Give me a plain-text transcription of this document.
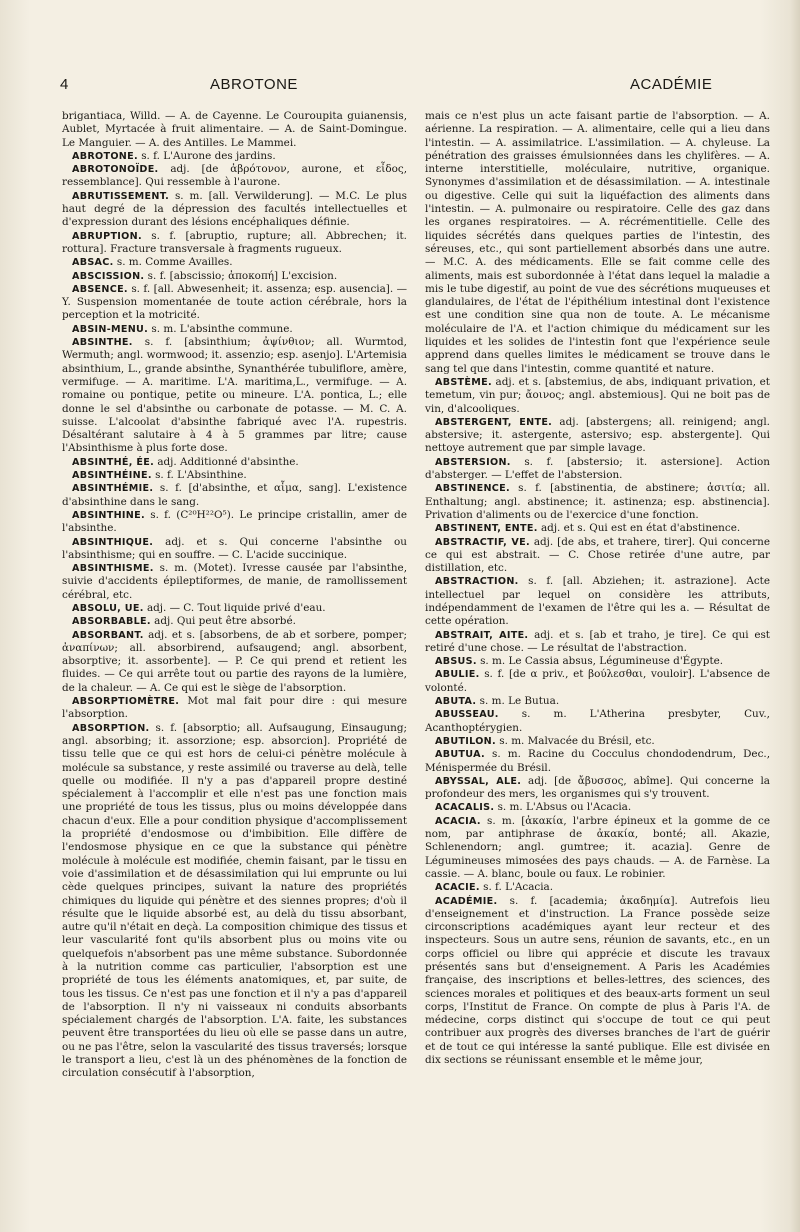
4	ABROTONE	ACADÉMIE

brigantiaca, Willd. — A. de Cayenne. Le Couroupita guianensis, Aublet, Myrtacée à fruit alimentaire. — A. de Saint-Domingue. Le Manguier. — A. des Antilles. Le Mammei.

ABROTONE. s. f. L'Aurone des jardins.

ABROTONOÏDE. adj. [de ἀβρότονον, aurone, et εἶδος, ressemblance]. Qui ressemble à l'aurone.

ABRUTISSEMENT. s. m. [all. Verwilderung]. — M.C. Le plus haut degré de la dépression des facultés intellectuelles et d'expression durant des lésions encéphaliques définie.

ABRUPTION. s. f. [abruptio, rupture; all. Abbrechen; it. rottura]. Fracture transversale à fragments rugueux.

ABSAC. s. m. Comme Availles.

ABSCISSION. s. f. [abscissio; ἀποκοπή] L'excision.

ABSENCE. s. f. [all. Abwesenheit; it. assenza; esp. ausencia]. — Y. Suspension momentanée de toute action cérébrale, hors la perception et la motricité.

ABSIN-MENU. s. m. L'absinthe commune.

ABSINTHE. s. f. [absinthium; ἀψίνθιον; all. Wurmtod, Wermuth; angl. wormwood; it. assenzio; esp. asenjo]. L'Artemisia absinthium, L., grande absinthe, Synanthérée tubuliflore, amère, vermifuge. — A. maritime. L'A. maritima,L., vermifuge. — A. romaine ou pontique, petite ou mineure. L'A. pontica, L.; elle donne le sel d'absinthe ou carbonate de potasse. — M. C. A. suisse. L'alcoolat d'absinthe fabriqué avec l'A. rupestris. Désaltérant salutaire à 4 à 5 grammes par litre; cause l'Absinthisme à plus forte dose.

ABSINTHÉ, ÉE. adj. Additionné d'absinthe.

ABSINTHÉINE. s. f. L'Absinthine.

ABSINTHÉMIE. s. f. [d'absinthe, et αἷμα, sang]. L'existence d'absinthine dans le sang.

ABSINTHINE. s. f. (C²⁰H²²O⁵). Le principe cristallin, amer de l'absinthe.

ABSINTHIQUE. adj. et s. Qui concerne l'absinthe ou l'absinthisme; qui en souffre. — C. L'acide succinique.

ABSINTHISME. s. m. (Motet). Ivresse causée par l'absinthe, suivie d'accidents épileptiformes, de manie, de ramollissement cérébral, etc.

ABSOLU, UE. adj. — C. Tout liquide privé d'eau.

ABSORBABLE. adj. Qui peut être absorbé.

ABSORBANT. adj. et s. [absorbens, de ab et sorbere, pomper; ἀναπίνων; all. absorbirend, aufsaugend; angl. absorbent, absorptive; it. assorbente]. — P. Ce qui prend et retient les fluides. — Ce qui arrête tout ou partie des rayons de la lumière, de la chaleur. — A. Ce qui est le siège de l'absorption.

ABSORPTIOMÈTRE. Mot mal fait pour dire : qui mesure l'absorption.

ABSORPTION. s. f. [absorptio; all. Aufsaugung, Einsaugung; angl. absorbing; it. assorzione; esp. absorcion]. Propriété de tissu telle que ce qui est hors de celui-ci pénètre molécule à molécule sa substance, y reste assimilé ou traverse au delà, telle quelle ou modifiée. Il n'y a pas d'appareil propre destiné spécialement à l'accomplir et elle n'est pas une fonction mais une propriété de tous les tissus, plus ou moins développée dans chacun d'eux. Elle a pour condition physique d'accomplissement la propriété d'endosmose ou d'imbibition. Elle diffère de l'endosmose physique en ce que la substance qui pénètre molécule à molécule est modifiée, chemin faisant, par le tissu en voie d'assimilation et de désassimilation qui lui emprunte ou lui cède quelques principes, suivant la nature des propriétés chimiques du liquide qui pénètre et des siennes propres; d'où il résulte que le liquide absorbé est, au delà du tissu absorbant, autre qu'il n'était en deçà. La composition chimique des tissus et leur vascularité font qu'ils absorbent plus ou moins vite ou quelquefois n'absorbent pas une même substance. Subordonnée à la nutrition comme cas particulier, l'absorption est une propriété de tous les éléments anatomiques, et, par suite, de tous les tissus. Ce n'est pas une fonction et il n'y a pas d'appareil de l'absorption. Il n'y ni vaisseaux ni conduits absorbants spécialement chargés de l'absorption. L'A. faite, les substances peuvent être transportées du lieu où elle se passe dans un autre, ou ne pas l'être, selon la vascularité des tissus traversés; lorsque le transport a lieu, c'est là un des phénomènes de la fonction de circulation consécutif à l'absorption,

mais ce n'est plus un acte faisant partie de l'absorption. — A. aérienne. La respiration. — A. alimentaire, celle qui a lieu dans l'intestin. — A. assimilatrice. L'assimilation. — A. chyleuse. La pénétration des graisses émulsionnées dans les chylifères. — A. interne interstitielle, moléculaire, nutritive, organique. Synonymes d'assimilation et de désassimilation. — A. intestinale ou digestive. Celle qui suit la liquéfaction des aliments dans l'intestin. — A. pulmonaire ou respiratoire. Celle des gaz dans les organes respiratoires. — A. récrémentitielle. Celle des liquides sécrétés dans quelques parties de l'intestin, des séreuses, etc., qui sont partiellement absorbés dans une autre. — M.C. A. des médicaments. Elle se fait comme celle des aliments, mais est subordonnée à l'état dans lequel la maladie a mis le tube digestif, au point de vue des sécrétions muqueuses et glandulaires, de l'état de l'épithélium intestinal dont l'existence est une condition sine qua non de toute. A. Le mécanisme moléculaire de l'A. et l'action chimique du médicament sur les liquides et les solides de l'intestin font que l'expérience seule apprend dans quelles limites le médicament se trouve dans le sang tel que dans l'intestin, comme quantité et nature.

ABSTÈME. adj. et s. [abstemius, de abs, indiquant privation, et temetum, vin pur; ἄοινος; angl. abstemious]. Qui ne boit pas de vin, d'alcooliques.

ABSTERGENT, ENTE. adj. [abstergens; all. reinigend; angl. abstersive; it. astergente, astersivo; esp. abstergente]. Qui nettoye autrement que par simple lavage.

ABSTERSION. s. f. [abstersio; it. astersione]. Action d'absterger. — L'effet de l'abstersion.

ABSTINENCE. s. f. [abstinentia, de abstinere; ἀσιτία; all. Enthaltung; angl. abstinence; it. astinenza; esp. abstinencia]. Privation d'aliments ou de l'exercice d'une fonction.

ABSTINENT, ENTE. adj. et s. Qui est en état d'abstinence.

ABSTRACTIF, VE. adj. [de abs, et trahere, tirer]. Qui concerne ce qui est abstrait. — C. Chose retirée d'une autre, par distillation, etc.

ABSTRACTION. s. f. [all. Abziehen; it. astrazione]. Acte intellectuel par lequel on considère les attributs, indépendamment de l'examen de l'être qui les a. — Résultat de cette opération.

ABSTRAIT, AITE. adj. et s. [ab et traho, je tire]. Ce qui est retiré d'une chose. — Le résultat de l'abstraction.

ABSUS. s. m. Le Cassia absus, Légumineuse d'Égypte.

ABULIE. s. f. [de α priv., et βούλεσθαι, vouloir]. L'absence de volonté.

ABUTA. s. m. Le Butua.

ABUSSEAU. s. m. L'Atherina presbyter, Cuv., Acanthoptérygien.

ABUTILON. s. m. Malvacée du Brésil, etc.

ABUTUA. s. m. Racine du Cocculus chondodendrum, Dec., Ménispermée du Brésil.

ABYSSAL, ALE. adj. [de ἄβυσσος, abîme]. Qui concerne la profondeur des mers, les organismes qui s'y trouvent.

ACACALIS. s. m. L'Absus ou l'Acacia.

ACACIA. s. m. [ἀκακία, l'arbre épineux et la gomme de ce nom, par antiphrase de ἀκακία, bonté; all. Akazie, Schlenendorn; angl. gumtree; it. acazia]. Genre de Légumineuses mimosées des pays chauds. — A. de Farnèse. La cassie. — A. blanc, boule ou faux. Le robinier.

ACACIE. s. f. L'Acacia.

ACADÉMIE. s. f. [academia; ἀκαδημία]. Autrefois lieu d'enseignement et d'instruction. La France possède seize circonscriptions académiques ayant leur recteur et des inspecteurs. Sous un autre sens, réunion de savants, etc., en un corps officiel ou libre qui apprécie et discute les travaux présentés sans but d'enseignement. A Paris les Académies française, des inscriptions et belles-lettres, des sciences, des sciences morales et politiques et des beaux-arts forment un seul corps, l'Institut de France. On compte de plus à Paris l'A. de médecine, corps distinct qui s'occupe de tout ce qui peut contribuer aux progrès des diverses branches de l'art de guérir et de tout ce qui intéresse la santé publique. Elle est divisée en dix sections se réunissant ensemble et le même jour,
